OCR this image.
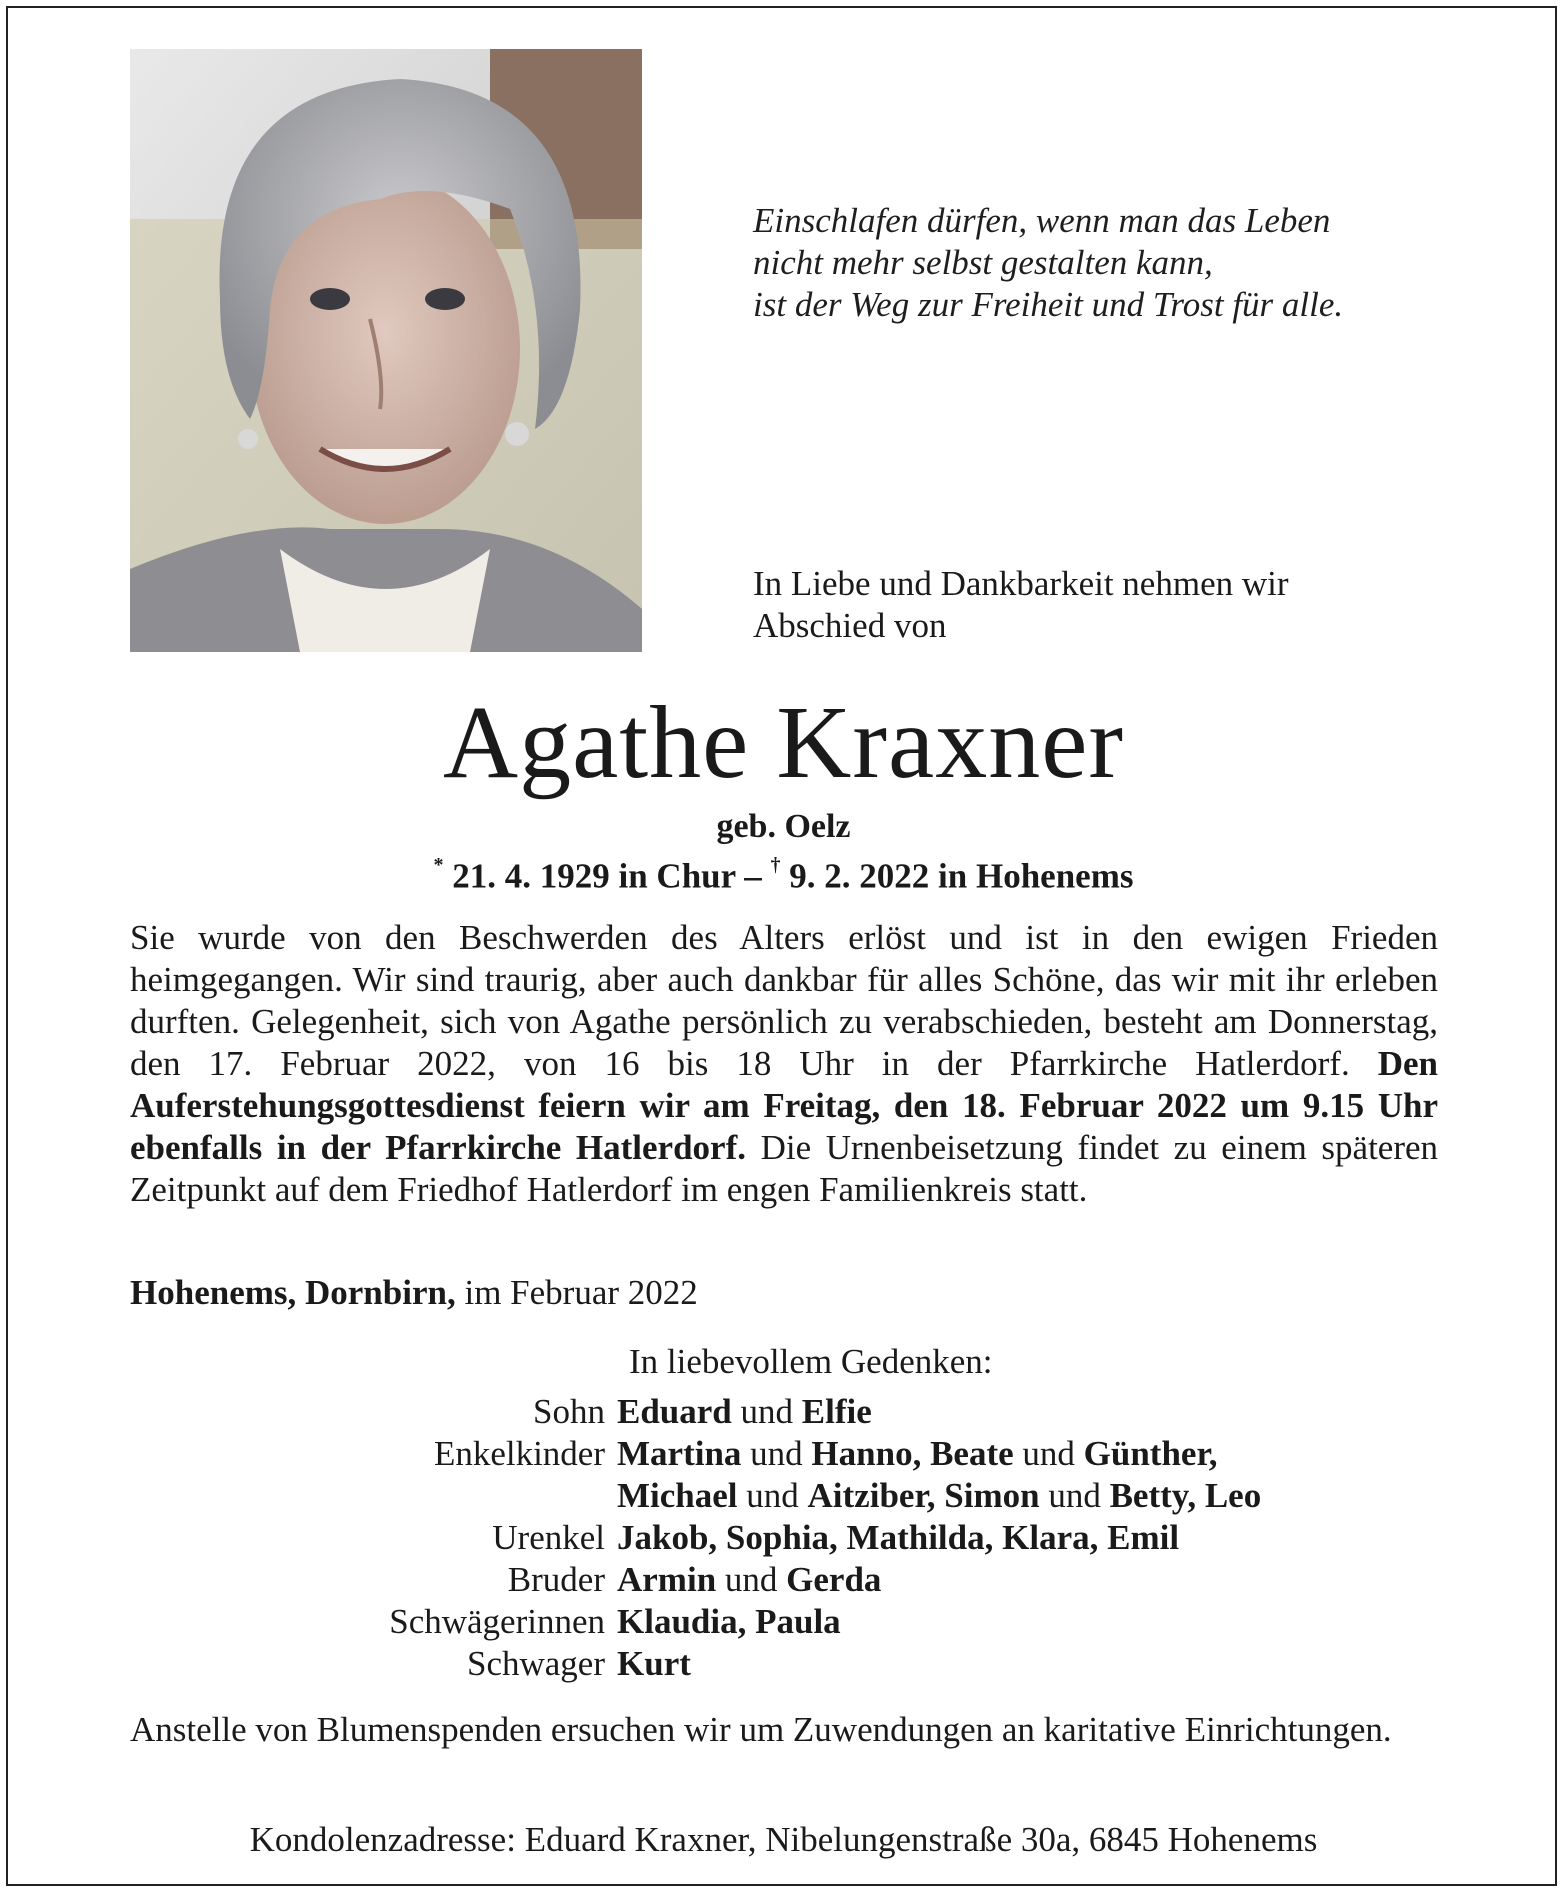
Einschlafen dürfen, wenn man das Leben
nicht mehr selbst gestalten kann,
ist der Weg zur Freiheit und Trost für alle.
In Liebe und Dankbarkeit nehmen wir
Abschied von
Agathe Kraxner
geb. Oelz
* 21. 4. 1929 in Chur – † 9. 2. 2022 in Hohenems
Sie wurde von den Beschwerden des Alters erlöst und ist in den ewigen Frieden heimgegangen. Wir sind traurig, aber auch dankbar für alles Schöne, das wir mit ihr erleben durften. Gelegenheit, sich von Agathe persönlich zu verabschieden, besteht am Donnerstag, den 17. Februar 2022, von 16 bis 18 Uhr in der Pfarrkirche Hatlerdorf. Den Auferstehungsgottesdienst feiern wir am Freitag, den 18. Februar 2022 um 9.15 Uhr ebenfalls in der Pfarrkirche Hatlerdorf. Die Urnenbeisetzung findet zu einem späteren Zeitpunkt auf dem Friedhof Hatlerdorf im engen Familienkreis statt.
Hohenems, Dornbirn, im Februar 2022
In liebevollem Gedenken:
Sohn Eduard und Elfie
Enkelkinder Martina und Hanno, Beate und Günther,
Michael und Aitziber, Simon und Betty, Leo
Urenkel Jakob, Sophia, Mathilda, Klara, Emil
Bruder Armin und Gerda
Schwägerinnen Klaudia, Paula
Schwager Kurt
Anstelle von Blumenspenden ersuchen wir um Zuwendungen an karitative Einrichtungen.
Kondolenzadresse: Eduard Kraxner, Nibelungenstraße 30a, 6845 Hohenems
